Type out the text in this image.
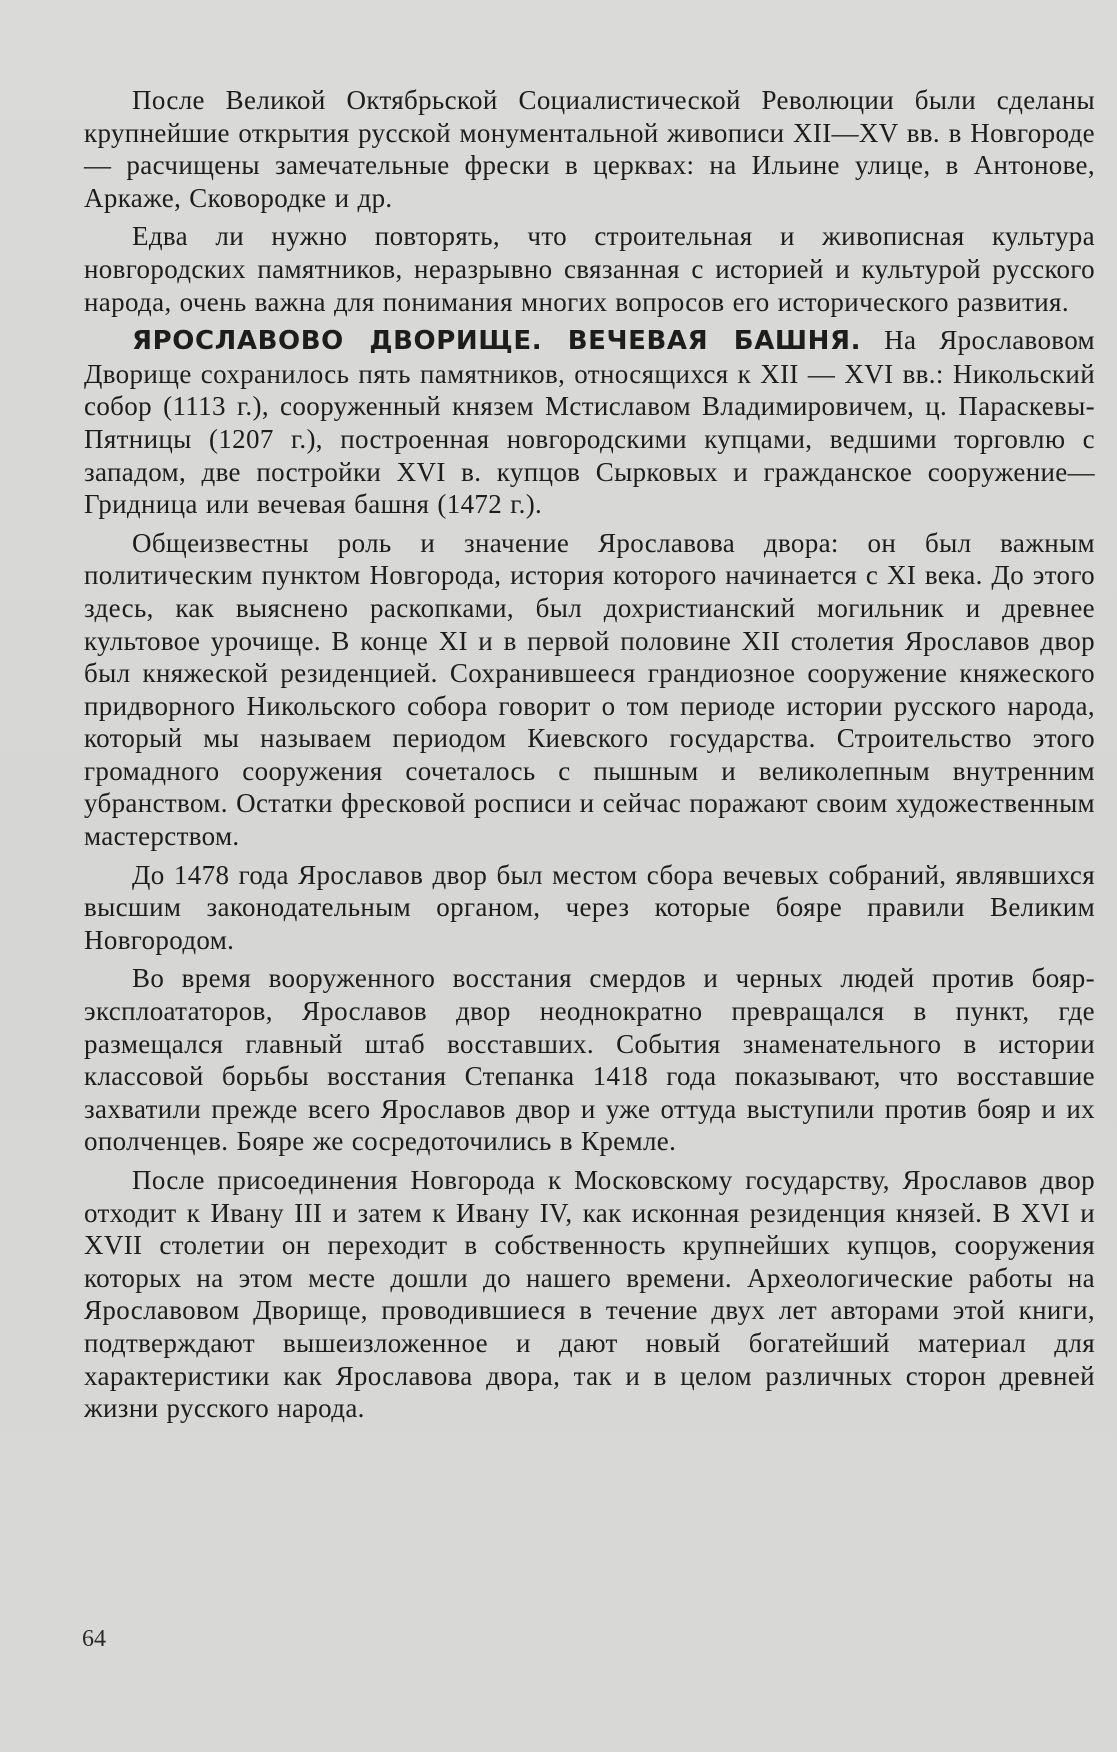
После Великой Октябрьской Социалистической Революции были сделаны крупнейшие открытия русской монументальной живописи XII—XV вв. в Новгороде — расчищены замечательные фрески в церквах: на Ильине улице, в Антонове, Аркаже, Сковородке и др.

Едва ли нужно повторять, что строительная и живописная культура новгородских памятников, неразрывно связанная с историей и культурой русского народа, очень важна для понимания многих вопросов его исторического развития.

ЯРОСЛАВОВО ДВОРИЩЕ. ВЕЧЕВАЯ БАШНЯ. На Ярославовом Дворище сохранилось пять памятников, относящихся к XII — XVI вв.: Никольский собор (1113 г.), сооруженный князем Мстиславом Владимировичем, ц. Параскевы-Пятницы (1207 г.), построенная новгородскими купцами, ведшими торговлю с западом, две постройки XVI в. купцов Сырковых и гражданское сооружение—Гридница или вечевая башня (1472 г.).

Общеизвестны роль и значение Ярославова двора: он был важным политическим пунктом Новгорода, история которого начинается с XI века. До этого здесь, как выяснено раскопками, был дохристианский могильник и древнее культовое урочище. В конце XI и в первой половине XII столетия Ярославов двор был княжеской резиденцией. Сохранившееся грандиозное сооружение княжеского придворного Никольского собора говорит о том периоде истории русского народа, который мы называем периодом Киевского государства. Строительство этого громадного сооружения сочеталось с пышным и великолепным внутренним убранством. Остатки фресковой росписи и сейчас поражают своим художественным мастерством.

До 1478 года Ярославов двор был местом сбора вечевых собраний, являвшихся высшим законодательным органом, через которые бояре правили Великим Новгородом.

Во время вооруженного восстания смердов и черных людей против бояр-эксплоататоров, Ярославов двор неоднократно превращался в пункт, где размещался главный штаб восставших. События знаменательного в истории классовой борьбы восстания Степанка 1418 года показывают, что восставшие захватили прежде всего Ярославов двор и уже оттуда выступили против бояр и их ополченцев. Бояре же сосредоточились в Кремле.

После присоединения Новгорода к Московскому государству, Ярославов двор отходит к Ивану III и затем к Ивану IV, как исконная резиденция князей. В XVI и XVII столетии он переходит в собственность крупнейших купцов, сооружения которых на этом месте дошли до нашего времени. Археологические работы на Ярославовом Дворище, проводившиеся в течение двух лет авторами этой книги, подтверждают вышеизложенное и дают новый богатейший материал для характеристики как Ярославова двора, так и в целом различных сторон древней жизни русского народа.

64
